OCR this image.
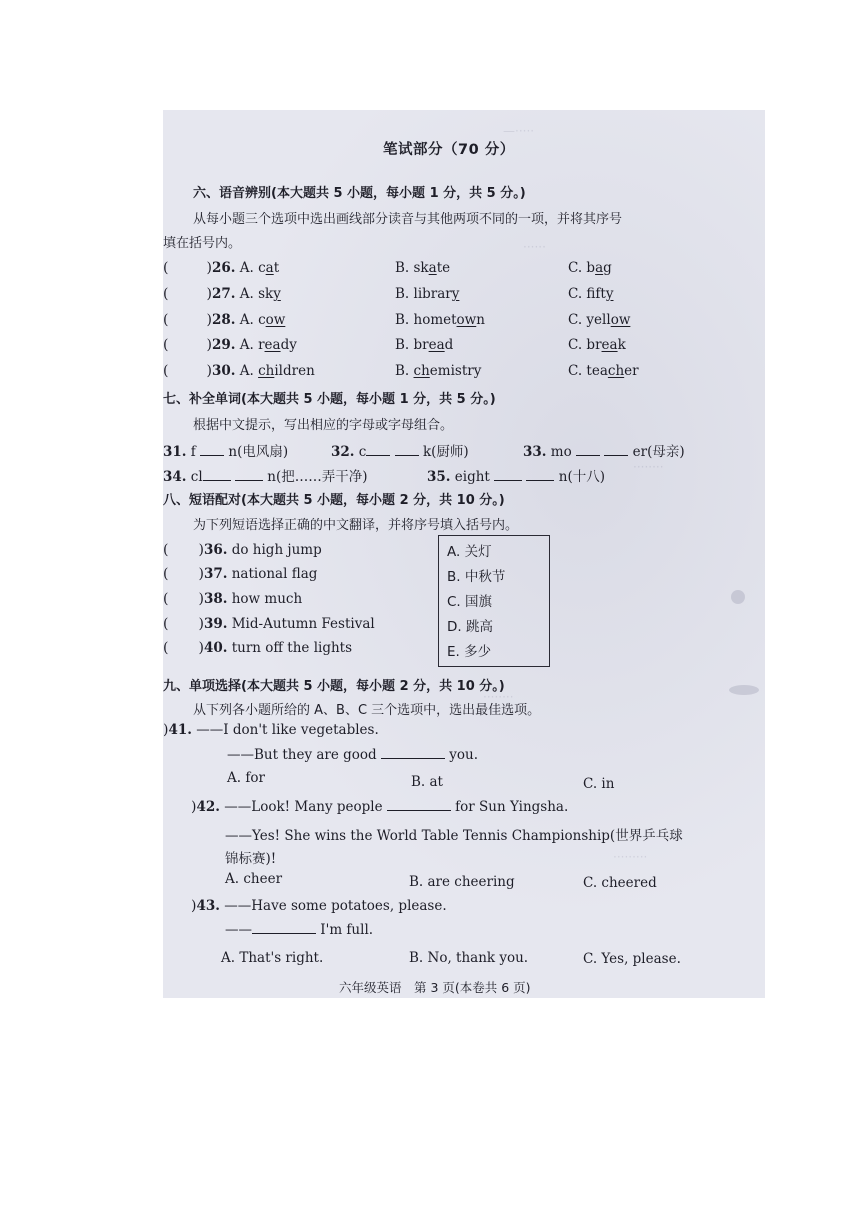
—·····
······
········
········
·········
笔试部分（70 分）
六、语音辨别(本大题共 5 小题，每小题 1 分，共 5 分。)
从每小题三个选项中选出画线部分读音与其他两项不同的一项，并将其序号
填在括号内。
(	)26. A. cat	B. skate	C. bag
(	)27. A. sky	B. library	C. fifty
(	)28. A. cow	B. hometown	C. yellow
(	)29. A. ready	B. bread	C. break
(	)30. A. children	B. chemistry	C. teacher
七、补全单词(本大题共 5 小题，每小题 1 分，共 5 分。)
根据中文提示，写出相应的字母或字母组合。
31. f n(电风扇)	32. c	k(厨师)	33. mo	er(母亲)
34. cl	n(把……弄干净)	35. eight	n(十八)
八、短语配对(本大题共 5 小题，每小题 2 分，共 10 分。)
为下列短语选择正确的中文翻译，并将序号填入括号内。
( )36. do high jump
( )37. national flag
( )38. how much
( )39. Mid-Autumn Festival
( )40. turn off the lights
A. 关灯
B. 中秋节
C. 国旗
D. 跳高
E. 多少
九、单项选择(本大题共 5 小题，每小题 2 分，共 10 分。)
从下列各小题所给的 A、B、C 三个选项中，选出最佳选项。
)41. ——I don't like vegetables.
——But they are good	you.
A. for	B. at	C. in
)42. ——Look! Many people	for Sun Yingsha.
——Yes! She wins the World Table Tennis Championship(世界乒乓球
锦标赛)!
A. cheer	B. are cheering	C. cheered
)43. ——Have some potatoes, please.
——	I'm full.
A. That's right.	B. No, thank you.	C. Yes, please.
六年级英语　第 3 页(本卷共 6 页)
